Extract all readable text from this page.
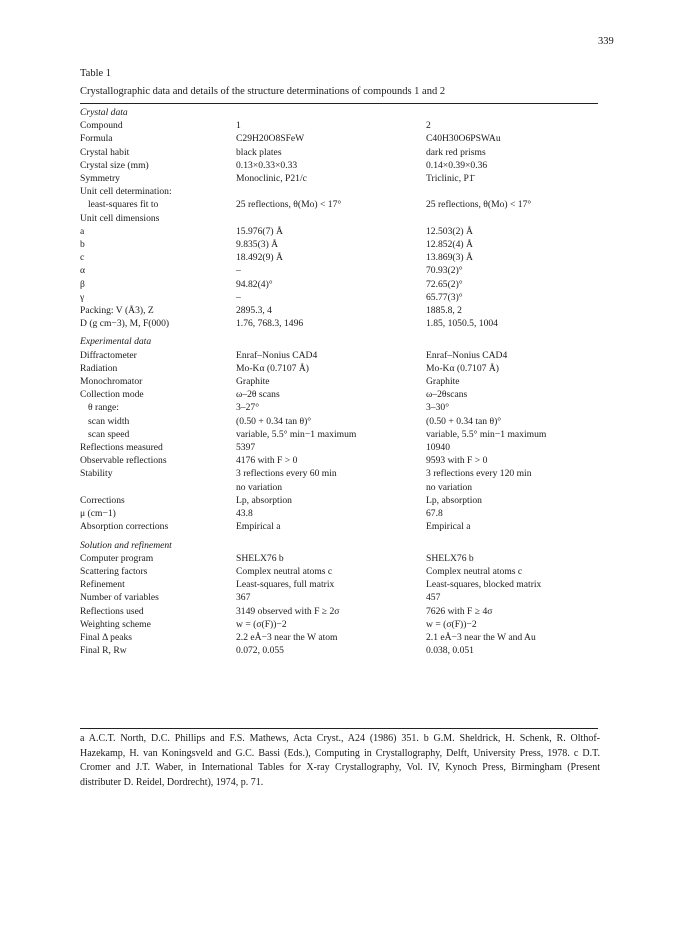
339
Table 1
Crystallographic data and details of the structure determinations of compounds 1 and 2
Crystal data		
Compound	1	2
Formula	C29H20O8SFeW	C40H30O6PSWAu
Crystal habit	black plates	dark red prisms
Crystal size (mm)	0.13×0.33×0.33	0.14×0.39×0.36
Symmetry	Monoclinic, P21/c	Triclinic, P1̄
Unit cell determination:		
least-squares fit to	25 reflections, θ(Mo) < 17°	25 reflections, θ(Mo) < 17°
Unit cell dimensions		
a	15.976(7) Å	12.503(2) Å
b	9.835(3) Å	12.852(4) Å
c	18.492(9) Å	13.869(3) Å
α	–	70.93(2)°
β	94.82(4)°	72.65(2)°
γ	–	65.77(3)°
Packing: V (Å3), Z	2895.3, 4	1885.8, 2
D (g cm−3), M, F(000)	1.76, 768.3, 1496	1.85, 1050.5, 1004
Experimental data		
Diffractometer	Enraf–Nonius CAD4	Enraf–Nonius CAD4
Radiation	Mo-Kα (0.7107 Å)	Mo-Kα (0.7107 Å)
Monochromator	Graphite	Graphite
Collection mode	ω–2θ scans	ω–2θscans
θ range:	3–27°	3–30°
scan width	(0.50 + 0.34 tan θ)°	(0.50 + 0.34 tan θ)°
scan speed	variable, 5.5° min−1 maximum	variable, 5.5° min−1 maximum
Reflections measured	5397	10940
Observable reflections	4176 with F > 0	9593 with F > 0
Stability	3 reflections every 60 min	3 reflections every 120 min
	no variation	no variation
Corrections	Lp, absorption	Lp, absorption
μ (cm−1)	43.8	67.8
Absorption corrections	Empirical a	Empirical a
Solution and refinement		
Computer program	SHELX76 b	SHELX76 b
Scattering factors	Complex neutral atoms c	Complex neutral atoms c
Refinement	Least-squares, full matrix	Least-squares, blocked matrix
Number of variables	367	457
Reflections used	3149 observed with F ≥ 2σ	7626 with F ≥ 4σ
Weighting scheme	w = (σ(F))−2	w = (σ(F))−2
Final Δ peaks	2.2 eÅ−3 near the W atom	2.1 eÅ−3 near the W and Au
Final R, Rw	0.072, 0.055	0.038, 0.051
a A.C.T. North, D.C. Phillips and F.S. Mathews, Acta Cryst., A24 (1986) 351. b G.M. Sheldrick, H. Schenk, R. Olthof-Hazekamp, H. van Koningsveld and G.C. Bassi (Eds.), Computing in Crystallography, Delft, University Press, 1978. c D.T. Cromer and J.T. Waber, in International Tables for X-ray Crystallography, Vol. IV, Kynoch Press, Birmingham (Present distributer D. Reidel, Dordrecht), 1974, p. 71.
